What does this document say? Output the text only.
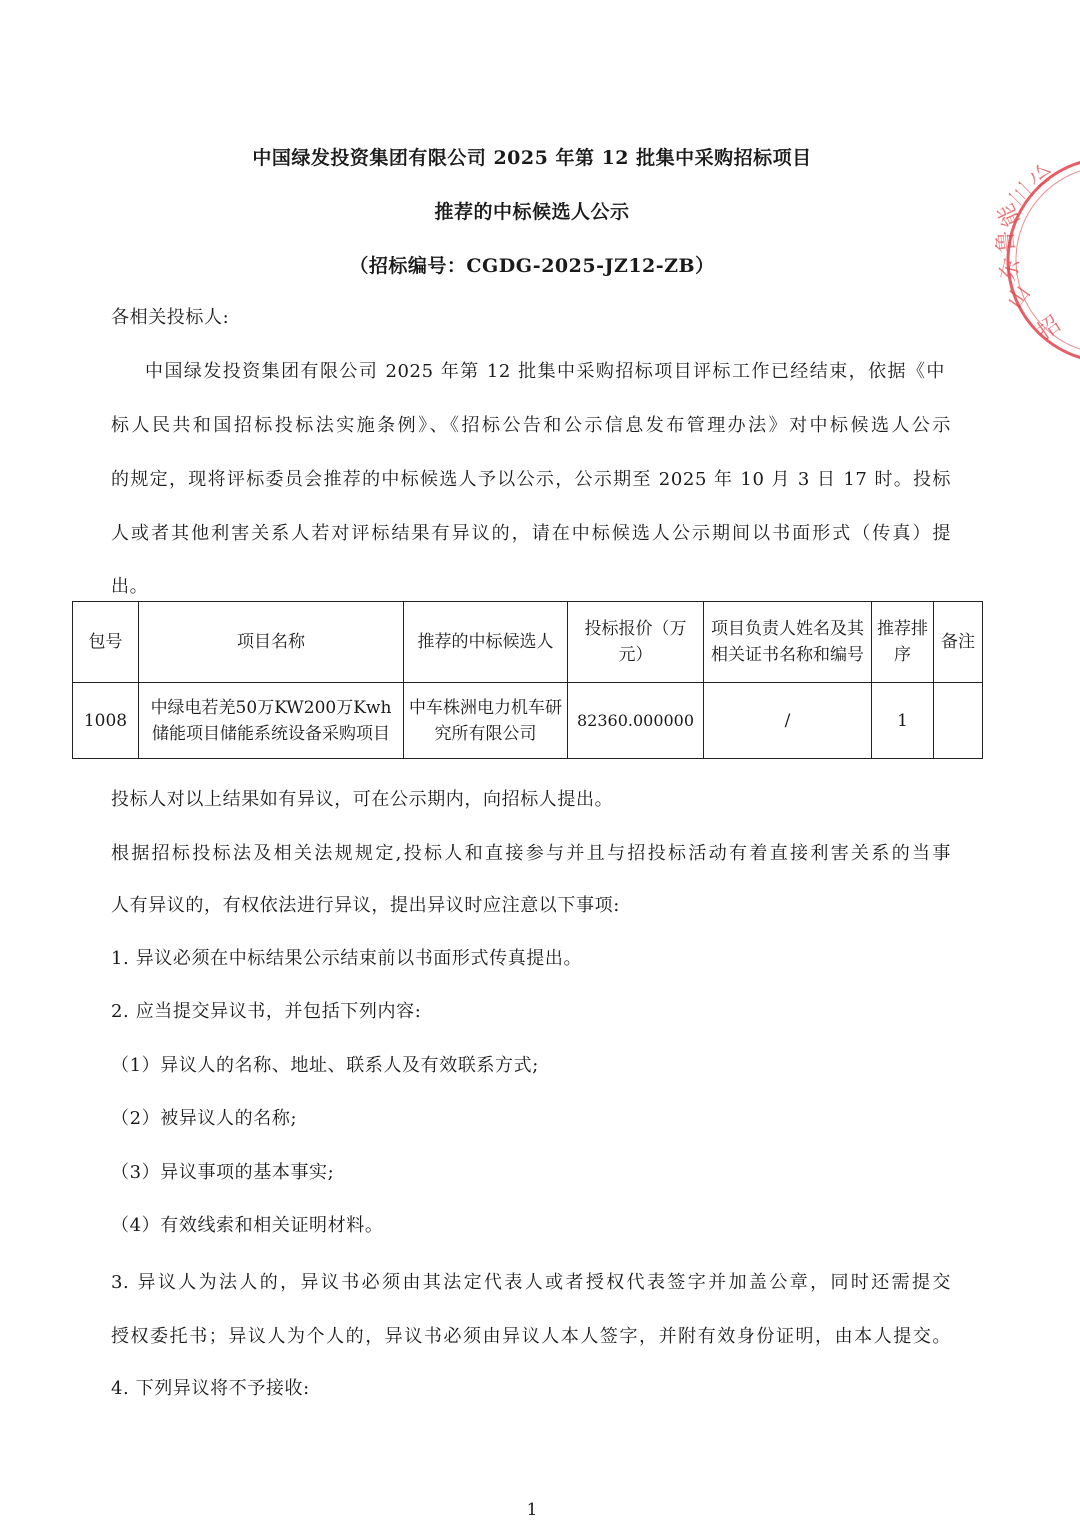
中国绿发投资集团有限公司 2025 年第 12 批集中采购招标项目
推荐的中标候选人公示
（招标编号：CGDG-2025-JZ12-ZB）
各相关投标人:
中国绿发投资集团有限公司 2025 年第 12 批集中采购招标项目评标工作已经结束，依据《中
标人民共和国招标投标法实施条例》、《招标公告和公示信息发布管理办法》对中标候选人公示
的规定，现将评标委员会推荐的中标候选人予以公示，公示期至 2025 年 10 月 3 日 17 时。投标
人或者其他利害关系人若对评标结果有异议的，请在中标候选人公示期间以书面形式（传真）提
出。
包号	项目名称	推荐的中标候选人	投标报价（万元）	项目负责人姓名及其相关证书名称和编号	推荐排序	备注
1008	中绿电若羌50万KW200万Kwh储能项目储能系统设备采购项目	中车株洲电力机车研究所有限公司	82360.000000	/	1	
投标人对以上结果如有异议，可在公示期内，向招标人提出。
根据招标投标法及相关法规规定,投标人和直接参与并且与招投标活动有着直接利害关系的当事
人有异议的，有权依法进行异议，提出异议时应注意以下事项:
1. 异议必须在中标结果公示结束前以书面形式传真提出。
2. 应当提交异议书，并包括下列内容:
（1）异议人的名称、地址、联系人及有效联系方式;
（2）被异议人的名称;
（3）异议事项的基本事实;
（4）有效线索和相关证明材料。
3. 异议人为法人的，异议书必须由其法定代表人或者授权代表签字并加盖公章，同时还需提交
授权委托书；异议人为个人的，异议书必须由异议人本人签字，并附有效身份证明，由本人提交。
4. 下列异议将不予接收:
山
东
鲁
能
三
公
招
1
